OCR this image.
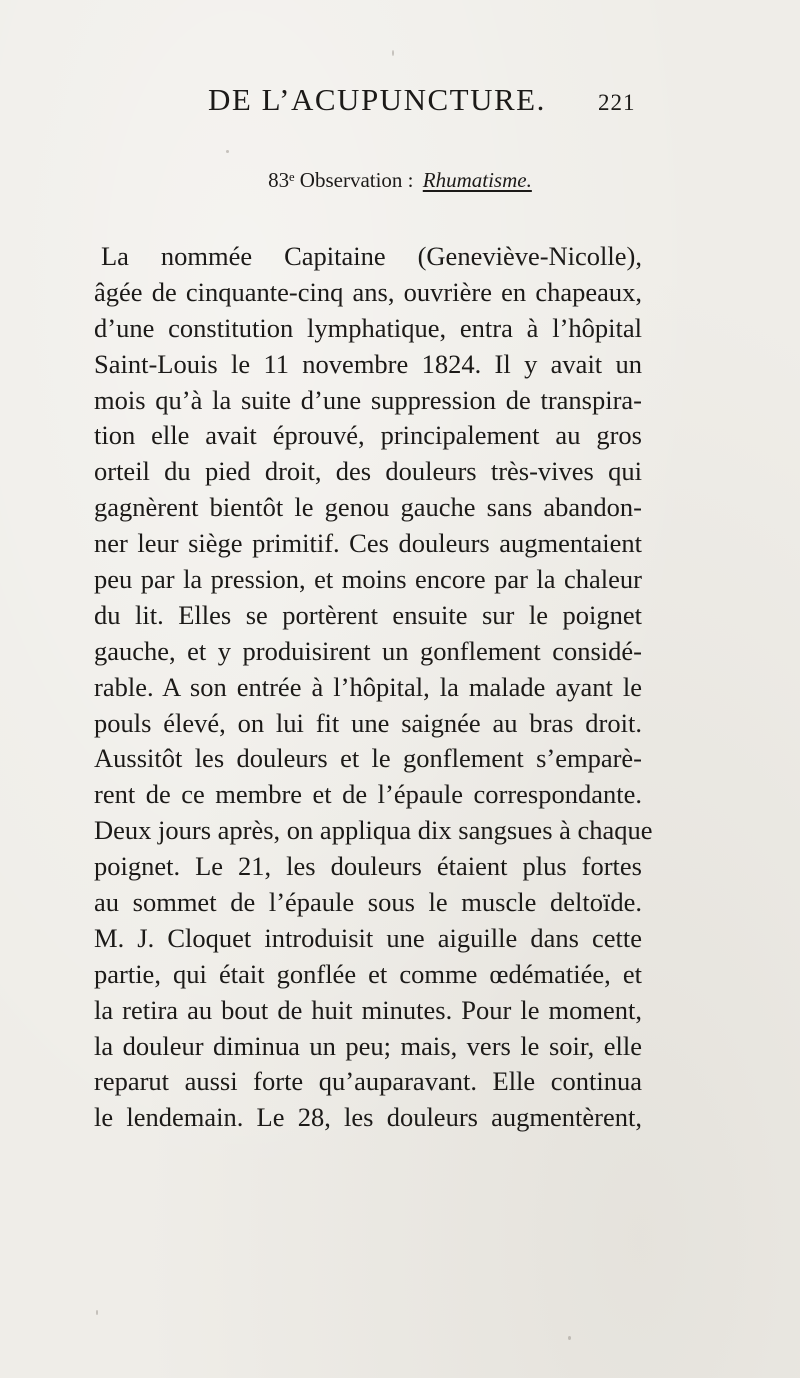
DE L’ACUPUNCTURE. 221
83ᵉ Observation : Rhumatisme.
La nommée Capitaine (Geneviève-Nicolle),
âgée de cinquante-cinq ans, ouvrière en chapeaux,
d’une constitution lymphatique, entra à l’hôpital
Saint-Louis le 11 novembre 1824. Il y avait un
mois qu’à la suite d’une suppression de transpira-
tion elle avait éprouvé, principalement au gros
orteil du pied droit, des douleurs très-vives qui
gagnèrent bientôt le genou gauche sans abandon-
ner leur siège primitif. Ces douleurs augmentaient
peu par la pression, et moins encore par la chaleur
du lit. Elles se portèrent ensuite sur le poignet
gauche, et y produisirent un gonflement considé-
rable. A son entrée à l’hôpital, la malade ayant le
pouls élevé, on lui fit une saignée au bras droit.
Aussitôt les douleurs et le gonflement s’emparè-
rent de ce membre et de l’épaule correspondante.
Deux jours après, on appliqua dix sangsues à chaque
poignet. Le 21, les douleurs étaient plus fortes
au sommet de l’épaule sous le muscle deltoïde.
M. J. Cloquet introduisit une aiguille dans cette
partie, qui était gonflée et comme œdématiée, et
la retira au bout de huit minutes. Pour le moment,
la douleur diminua un peu; mais, vers le soir, elle
reparut aussi forte qu’auparavant. Elle continua
le lendemain. Le 28, les douleurs augmentèrent,
